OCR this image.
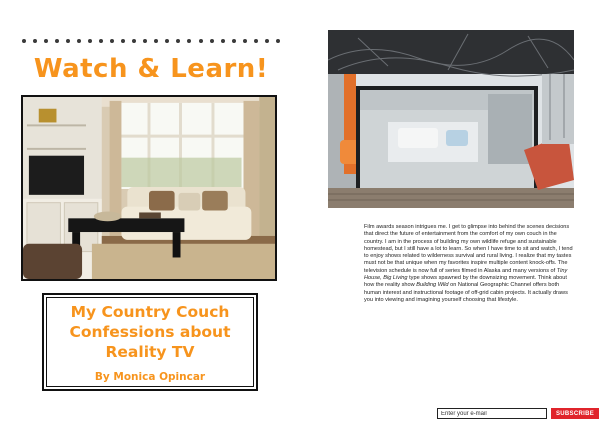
Watch & Learn!
My Country Couch
Confessions about
Reality TV
By Monica Opincar

Film awards season intrigues me. I get to glimpse into behind the scenes decisions that direct the future of entertainment from the comfort of my own couch in the country. I am in the process of building my own wildlife refuge and sustainable homestead, but I still have a lot to learn. So when I have time to sit and watch, I tend to enjoy shows related to wilderness survival and rural living. I realize that my tastes must not be that unique when my favorites inspire multiple content knock-offs. The television schedule is now full of series filmed in Alaska and many versions of Tiny House, Big Living type shows spawned by the downsizing movement. Think about how the reality show Building Wild on National Geographic Channel offers both human interest and instructional footage of off-grid cabin projects. It actually draws you into viewing and imagining yourself choosing that lifestyle.

Enter your e-mail
SUBSCRIBE
